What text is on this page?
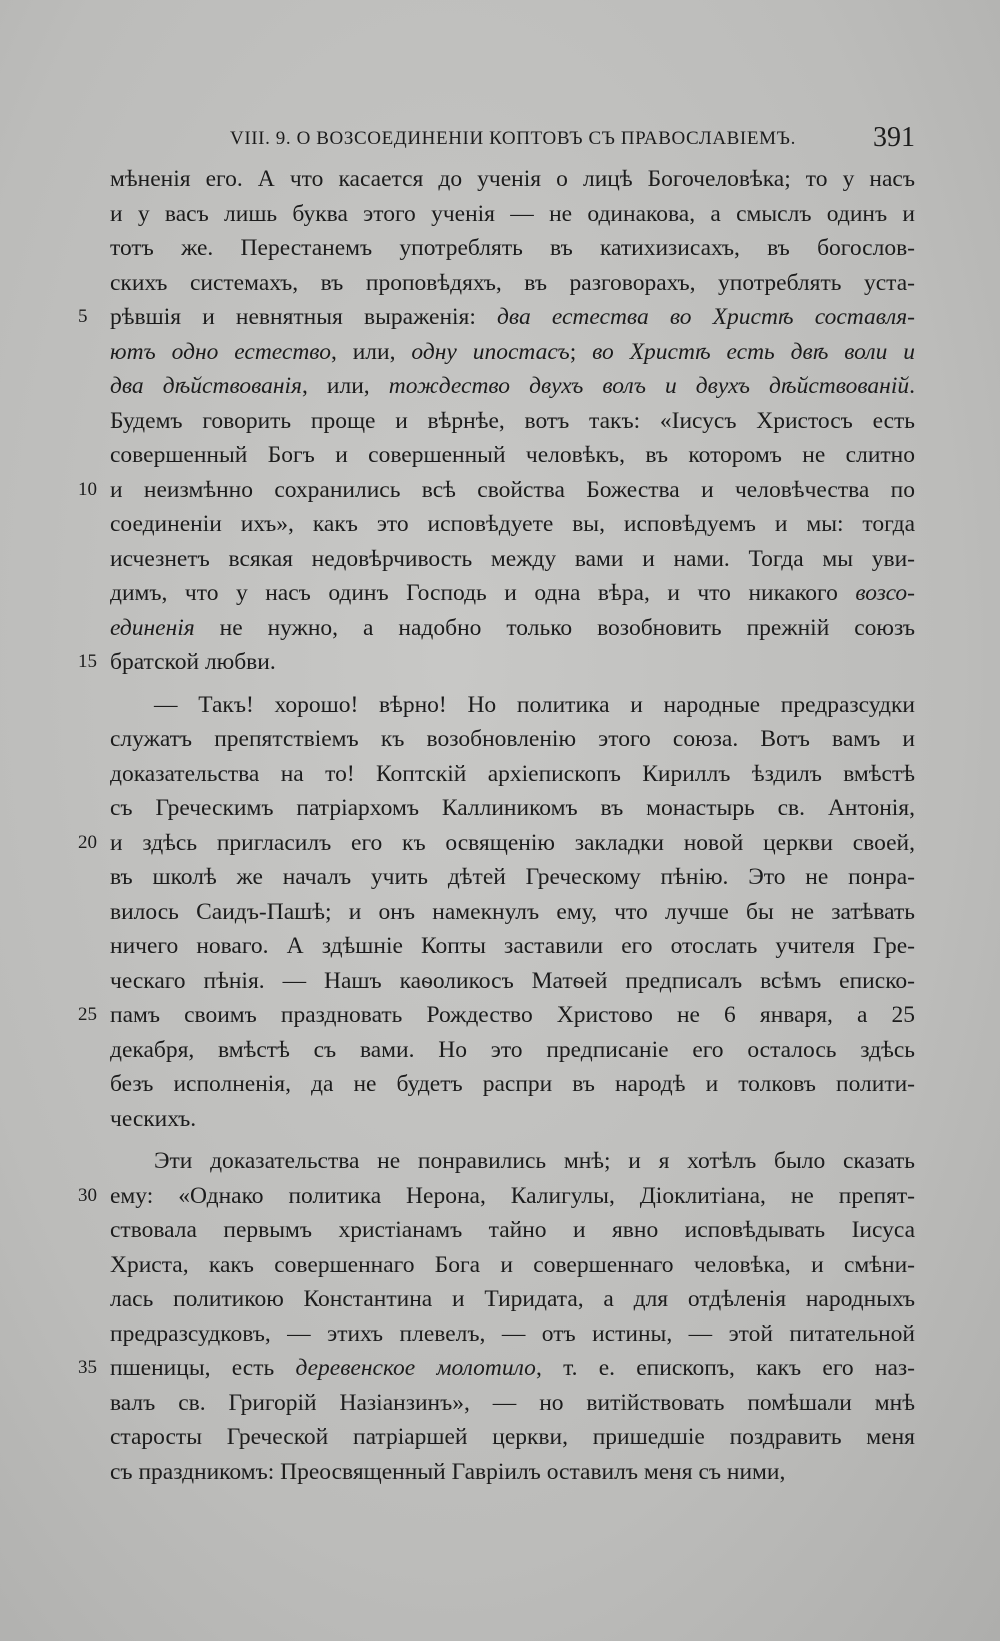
VIII. 9. О ВОЗСОЕДИНЕНІИ КОПТОВЪ СЪ ПРАВОСЛАВІЕМЪ.	391
мѣненія его. А что касается до ученія о лицѣ Богочеловѣка; то у насъ
и у васъ лишь буква этого ученія — не одинакова, а смыслъ одинъ и
тотъ же. Перестанемъ употреблять въ катихизисахъ, въ богослов-
скихъ системахъ, въ проповѣдяхъ, въ разговорахъ, употреблять уста-
5 рѣвшія и невнятныя выраженія: два естества во Христѣ составля-
ютъ одно естество, или, одну ипостасъ; во Христѣ есть двѣ воли и
два дѣйствованія, или, тождество двухъ волъ и двухъ дѣйствованій.
Будемъ говорить проще и вѣрнѣе, вотъ такъ: «Іисусъ Христосъ есть
совершенный Богъ и совершенный человѣкъ, въ которомъ не слитно
10 и неизмѣнно сохранились всѣ свойства Божества и человѣчества по
соединеніи ихъ», какъ это исповѣдуете вы, исповѣдуемъ и мы: тогда
исчезнетъ всякая недовѣрчивость между вами и нами. Тогда мы уви-
димъ, что у насъ одинъ Господь и одна вѣра, и что никакого возсо-
единенія не нужно, а надобно только возобновить прежній союзъ
15 братской любви.
— Такъ! хорошо! вѣрно! Но политика и народные предразсудки
служатъ препятствіемъ къ возобновленію этого союза. Вотъ вамъ и
доказательства на то! Коптскій архіепископъ Кириллъ ѣздилъ вмѣстѣ
съ Греческимъ патріархомъ Каллиникомъ въ монастырь св. Антонія,
20 и здѣсь пригласилъ его къ освященію закладки новой церкви своей,
въ школѣ же началъ учить дѣтей Греческому пѣнію. Это не понра-
вилось Саидъ-Пашѣ; и онъ намекнулъ ему, что лучше бы не затѣвать
ничего новаго. А здѣшніе Копты заставили его отослать учителя Гре-
ческаго пѣнія. — Нашъ каѳоликосъ Матѳей предписалъ всѣмъ еписко-
25 памъ своимъ праздновать Рождество Христово не 6 января, а 25
декабря, вмѣстѣ съ вами. Но это предписаніе его осталось здѣсь
безъ исполненія, да не будетъ распри въ народѣ и толковъ полити-
ческихъ.
Эти доказательства не понравились мнѣ; и я хотѣлъ было сказать
30 ему: «Однако политика Нерона, Калигулы, Діоклитіана, не препят-
ствовала первымъ христіанамъ тайно и явно исповѣдывать Іисуса
Христа, какъ совершеннаго Бога и совершеннаго человѣка, и смѣни-
лась политикою Константина и Тиридата, а для отдѣленія народныхъ
предразсудковъ, — этихъ плевелъ, — отъ истины, — этой питательной
35 пшеницы, есть деревенское молотило, т. е. епископъ, какъ его наз-
валъ св. Григорій Назіанзинъ», — но витійствовать помѣшали мнѣ
старосты Греческой патріаршей церкви, пришедшіе поздравить меня
съ праздникомъ: Преосвященный Гавріилъ оставилъ меня съ ними,
